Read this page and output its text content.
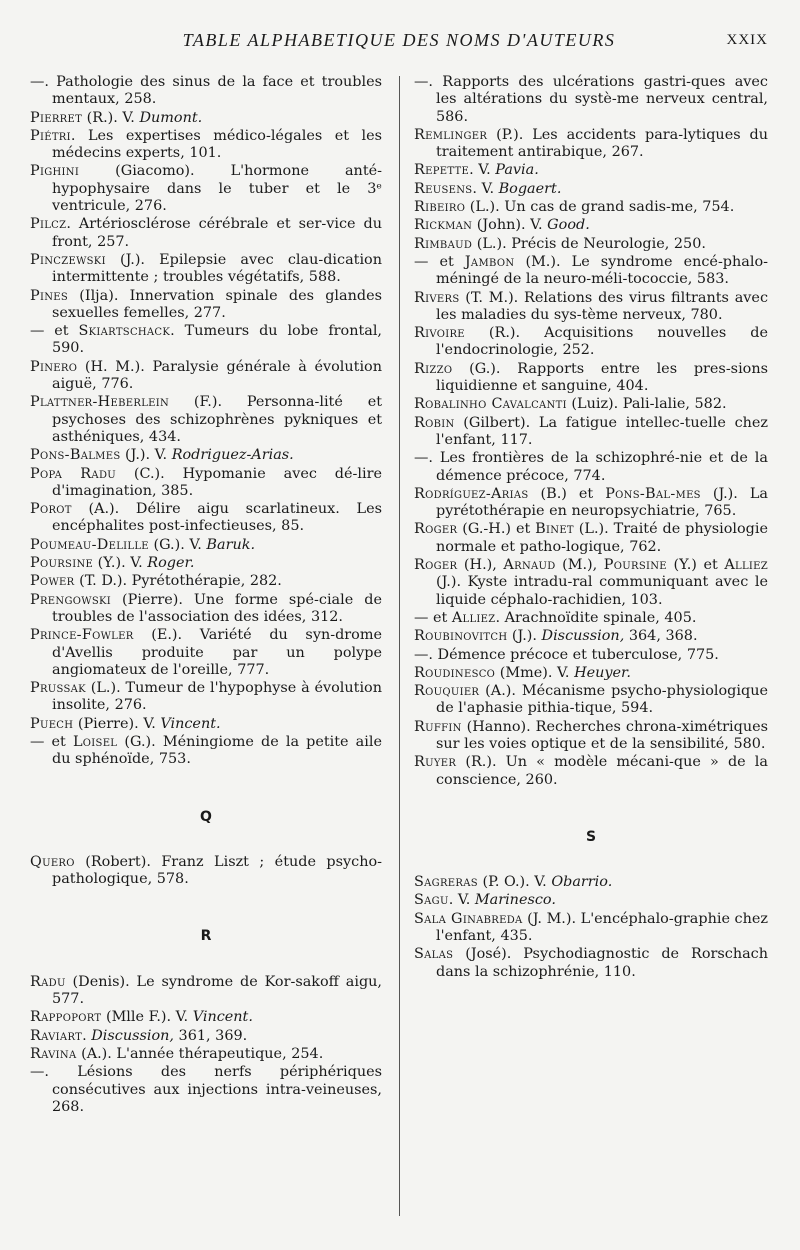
TABLE ALPHABETIQUE DES NOMS D'AUTEURS	XXIX
—. Pathologie des sinus de la face et troubles mentaux, 258.
Pierret (R.). V. Dumont.
Piétri. Les expertises médico-légales et les médecins experts, 101.
Pighini (Giacomo). L'hormone anté-hypophysaire dans le tuber et le 3ᵉ ventricule, 276.
Pilcz. Artériosclérose cérébrale et ser-vice du front, 257.
Pinczewski (J.). Epilepsie avec clau-dication intermittente ; troubles végétatifs, 588.
Pines (Ilja). Innervation spinale des glandes sexuelles femelles, 277.
— et Skiartschack. Tumeurs du lobe frontal, 590.
Pinero (H. M.). Paralysie générale à évolution aiguë, 776.
Plattner-Heberlein (F.). Personna-lité et psychoses des schizophrènes pykniques et asthéniques, 434.
Pons-Balmes (J.). V. Rodriguez-Arias.
Popa Radu (C.). Hypomanie avec dé-lire d'imagination, 385.
Porot (A.). Délire aigu scarlatineux. Les encéphalites post-infectieuses, 85.
Poumeau-Delille (G.). V. Baruk.
Poursine (Y.). V. Roger.
Power (T. D.). Pyrétothérapie, 282.
Prengowski (Pierre). Une forme spé-ciale de troubles de l'association des idées, 312.
Prince-Fowler (E.). Variété du syn-drome d'Avellis produite par un polype angiomateux de l'oreille, 777.
Prussak (L.). Tumeur de l'hypophyse à évolution insolite, 276.
Puech (Pierre). V. Vincent.
— et Loisel (G.). Méningiome de la petite aile du sphénoïde, 753.
Q
Quero (Robert). Franz Liszt ; étude psycho-pathologique, 578.
R
Radu (Denis). Le syndrome de Kor-sakoff aigu, 577.
Rappoport (Mlle F.). V. Vincent.
Raviart. Discussion, 361, 369.
Ravina (A.). L'année thérapeutique, 254.
—. Lésions des nerfs périphériques consécutives aux injections intra-veineuses, 268.
—. Rapports des ulcérations gastri-ques avec les altérations du systè-me nerveux central, 586.
Remlinger (P.). Les accidents para-lytiques du traitement antirabique, 267.
Repette. V. Pavia.
Reusens. V. Bogaert.
Ribeiro (L.). Un cas de grand sadis-me, 754.
Rickman (John). V. Good.
Rimbaud (L.). Précis de Neurologie, 250.
— et Jambon (M.). Le syndrome encé-phalo-méningé de la neuro-méli-tococcie, 583.
Rivers (T. M.). Relations des virus filtrants avec les maladies du sys-tème nerveux, 780.
Rivoire (R.). Acquisitions nouvelles de l'endocrinologie, 252.
Rizzo (G.). Rapports entre les pres-sions liquidienne et sanguine, 404.
Robalinho Cavalcanti (Luiz). Pali-lalie, 582.
Robin (Gilbert). La fatigue intellec-tuelle chez l'enfant, 117.
—. Les frontières de la schizophré-nie et de la démence précoce, 774.
Rodríguez-Arias (B.) et Pons-Bal-mes (J.). La pyrétothérapie en neuropsychiatrie, 765.
Roger (G.-H.) et Binet (L.). Traité de physiologie normale et patho-logique, 762.
Roger (H.), Arnaud (M.), Poursine (Y.) et Alliez (J.). Kyste intradu-ral communiquant avec le liquide céphalo-rachidien, 103.
— et Alliez. Arachnoïdite spinale, 405.
Roubinovitch (J.). Discussion, 364, 368.
—. Démence précoce et tuberculose, 775.
Roudinesco (Mme). V. Heuyer.
Rouquier (A.). Mécanisme psycho-physiologique de l'aphasie pithia-tique, 594.
Ruffin (Hanno). Recherches chrona-ximétriques sur les voies optique et de la sensibilité, 580.
Ruyer (R.). Un « modèle mécani-que » de la conscience, 260.
S
Sagreras (P. O.). V. Obarrio.
Sagu. V. Marinesco.
Sala Ginabreda (J. M.). L'encéphalo-graphie chez l'enfant, 435.
Salas (José). Psychodiagnostic de Rorschach dans la schizophrénie, 110.
